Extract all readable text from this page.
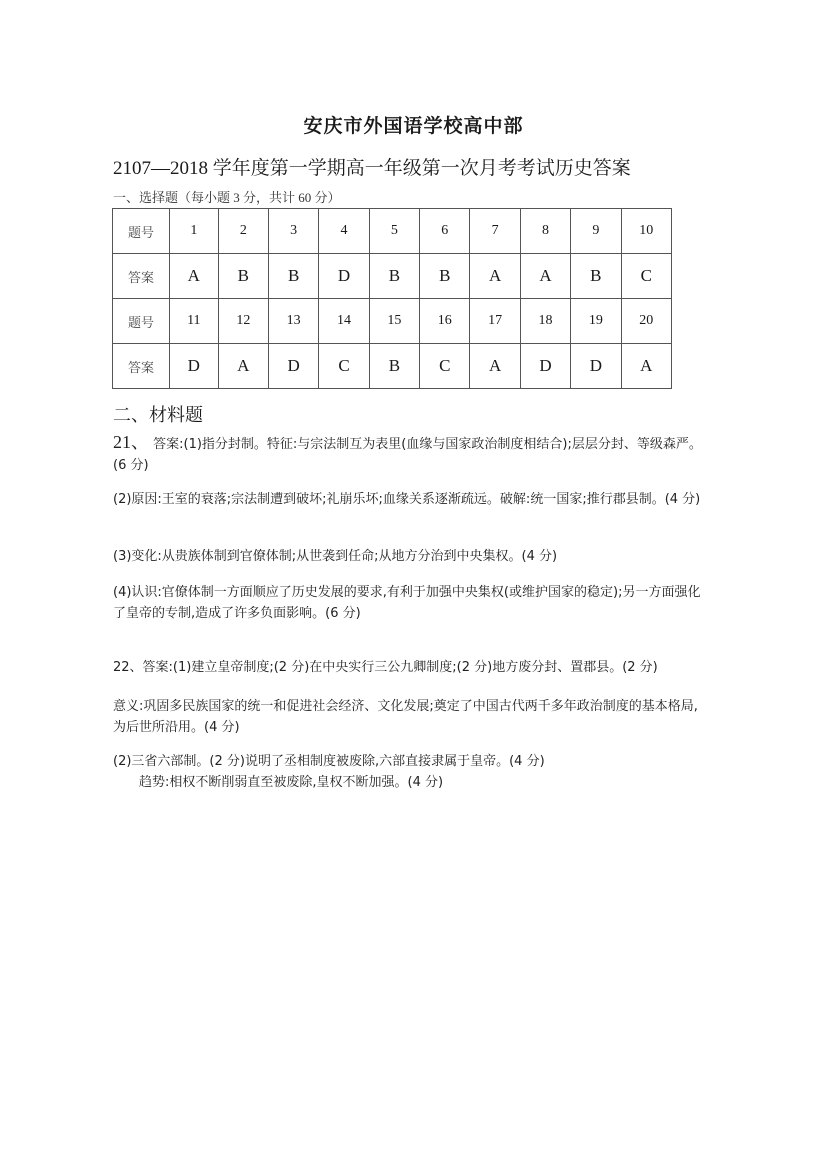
安庆市外国语学校高中部
2107—2018 学年度第一学期高一年级第一次月考考试历史答案
一、选择题（每小题 3 分，共计 60 分）
题号	1	2	3	4	5	6	7	8	9	10
答案	A	B	B	D	B	B	A	A	B	C
题号	11	12	13	14	15	16	17	18	19	20
答案	D	A	D	C	B	C	A	D	D	A
二、材料题
21、 答案:(1)指分封制。特征:与宗法制互为表里(血缘与国家政治制度相结合);层层分封、等级森严。(6 分)
(2)原因:王室的衰落;宗法制遭到破坏;礼崩乐坏;血缘关系逐渐疏远。破解:统一国家;推行郡县制。(4 分)
(3)变化:从贵族体制到官僚体制;从世袭到任命;从地方分治到中央集权。(4 分)
(4)认识:官僚体制一方面顺应了历史发展的要求,有利于加强中央集权(或维护国家的稳定);另一方面强化了皇帝的专制,造成了许多负面影响。(6 分)
22、答案:(1)建立皇帝制度;(2 分)在中央实行三公九卿制度;(2 分)地方废分封、置郡县。(2 分)
意义:巩固多民族国家的统一和促进社会经济、文化发展;奠定了中国古代两千多年政治制度的基本格局,为后世所沿用。(4 分)
(2)三省六部制。(2 分)说明了丞相制度被废除,六部直接隶属于皇帝。(4 分)
趋势:相权不断削弱直至被废除,皇权不断加强。(4 分)
